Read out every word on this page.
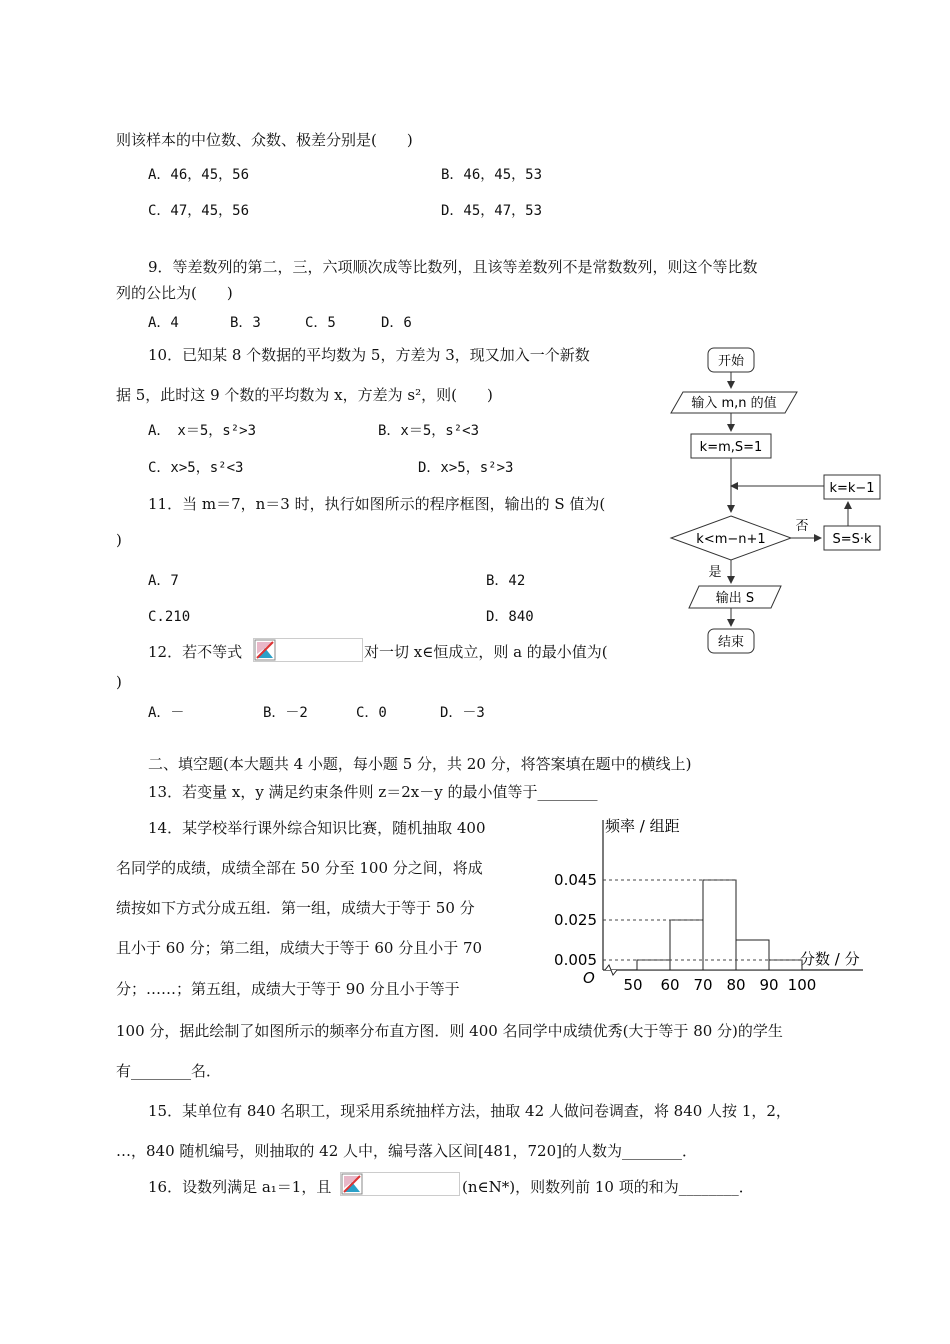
则该样本的中位数、众数、极差分别是(　　)
A．46，45，56	B．46，45，53
C．47，45，56	D．45，47，53
9．等差数列的第二，三，六项顺次成等比数列，且该等差数列不是常数数列，则这个等比数
列的公比为(　　)
A．4	B．3	C．5	D．6
10．已知某 8 个数据的平均数为 5，方差为 3，现又加入一个新数
据 5，此时这 9 个数的平均数为 x，方差为 s²，则(　　)
A．　x＝5，s²>3	B．x＝5，s²<3
C．x>5，s²<3	D．x>5，s²>3
11．当 m＝7，n＝3 时，执行如图所示的程序框图，输出的 S 值为(
)
A．7	B．42
C.210	D．840
12．若不等式	对一切 x∈恒成立，则 a 的最小值为(
)
A．－	B．－2	C．0	D．－3
二、填空题(本大题共 4 小题，每小题 5 分，共 20 分，将答案填在题中的横线上)
13．若变量 x，y 满足约束条件则 z＝2x－y 的最小值等于________
14．某学校举行课外综合知识比赛，随机抽取 400
名同学的成绩，成绩全部在 50 分至 100 分之间，将成
绩按如下方式分成五组．第一组，成绩大于等于 50 分
且小于 60 分；第二组，成绩大于等于 60 分且小于 70
分；……；第五组，成绩大于等于 90 分且小于等于
100 分，据此绘制了如图所示的频率分布直方图．则 400 名同学中成绩优秀(大于等于 80 分)的学生
有________名．
15．某单位有 840 名职工，现采用系统抽样方法，抽取 42 人做问卷调查，将 840 人按 1，2，
…，840 随机编号，则抽取的 42 人中，编号落入区间[481，720]的人数为________．
16．设数列满足 a₁＝1，且	(n∈N*)，则数列前 10 项的和为________．
开始
输入 m,n 的值
k=m,S=1
k<m−n+1
否
S=S·k
k=k−1
是
输出 S
结束
0.005
0.025
0.045
50 60 70 80 90 100
频率 / 组距
分数 / 分
O
